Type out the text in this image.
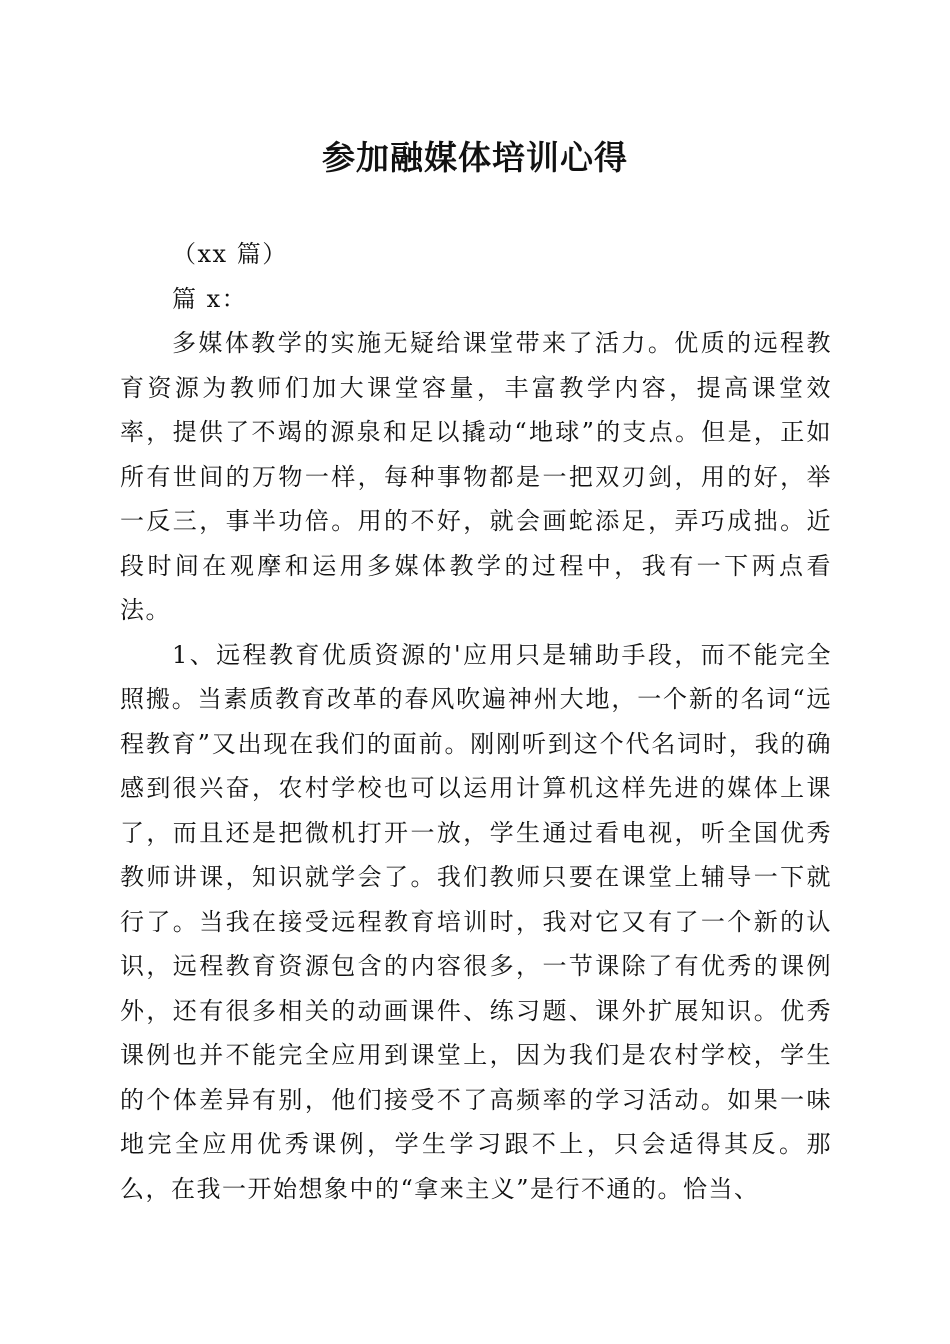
参加融媒体培训心得

（xx 篇）

篇 x：

多媒体教学的实施无疑给课堂带来了活力。优质的远程教育资源为教师们加大课堂容量，丰富教学内容，提高课堂效率，提供了不竭的源泉和足以撬动“地球”的支点。但是，正如所有世间的万物一样，每种事物都是一把双刃剑，用的好，举一反三，事半功倍。用的不好，就会画蛇添足，弄巧成拙。近段时间在观摩和运用多媒体教学的过程中，我有一下两点看法。

1、远程教育优质资源的'应用只是辅助手段，而不能完全照搬。当素质教育改革的春风吹遍神州大地，一个新的名词“远程教育”又出现在我们的面前。刚刚听到这个代名词时，我的确感到很兴奋，农村学校也可以运用计算机这样先进的媒体上课了，而且还是把微机打开一放，学生通过看电视，听全国优秀教师讲课，知识就学会了。我们教师只要在课堂上辅导一下就行了。当我在接受远程教育培训时，我对它又有了一个新的认识，远程教育资源包含的内容很多，一节课除了有优秀的课例外，还有很多相关的动画课件、练习题、课外扩展知识。优秀课例也并不能完全应用到课堂上，因为我们是农村学校，学生的个体差异有别，他们接受不了高频率的学习活动。如果一味地完全应用优秀课例，学生学习跟不上，只会适得其反。那么，在我一开始想象中的“拿来主义”是行不通的。恰当、
